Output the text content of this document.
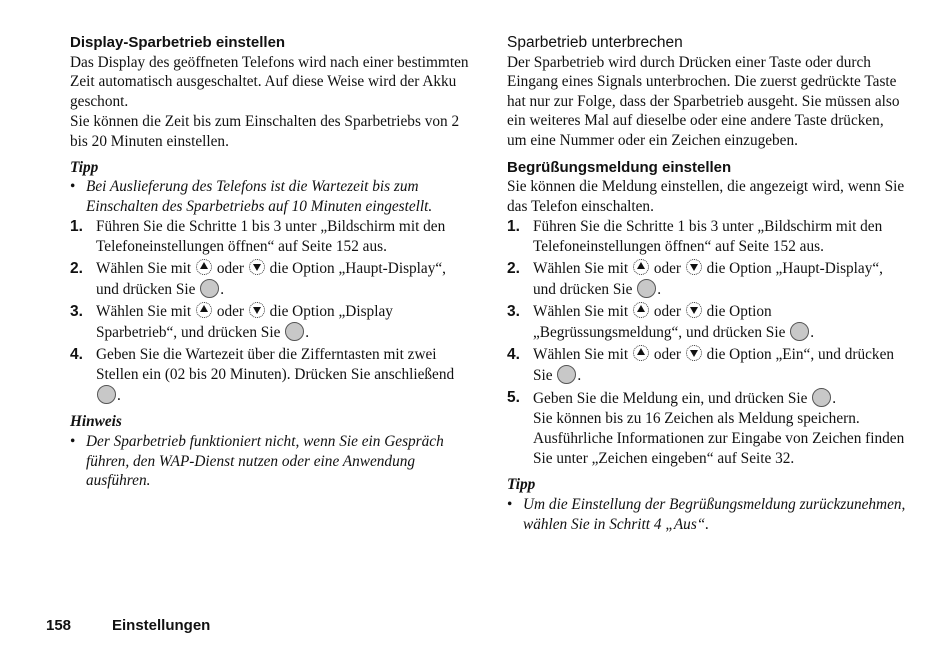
Display-Sparbetrieb einstellen

Das Display des geöffneten Telefons wird nach einer bestimmten Zeit automatisch ausgeschaltet. Auf diese Weise wird der Akku geschont.

Sie können die Zeit bis zum Einschalten des Sparbetriebs von 2 bis 20 Minuten einstellen.

Tipp

• Bei Auslieferung des Telefons ist die Wartezeit bis zum Einschalten des Sparbetriebs auf 10 Minuten eingestellt.

1. Führen Sie die Schritte 1 bis 3 unter „Bildschirm mit den Telefoneinstellungen öffnen“ auf Seite 152 aus.
2. Wählen Sie mit oder die Option „Haupt-Display“, und drücken Sie .
3. Wählen Sie mit oder die Option „Display Sparbetrieb“, und drücken Sie .
4. Geben Sie die Wartezeit über die Zifferntasten mit zwei Stellen ein (02 bis 20 Minuten). Drücken Sie anschließend .

Hinweis

• Der Sparbetrieb funktioniert nicht, wenn Sie ein Gespräch führen, den WAP-Dienst nutzen oder eine Anwendung ausführen.

Sparbetrieb unterbrechen

Der Sparbetrieb wird durch Drücken einer Taste oder durch Eingang eines Signals unterbrochen. Die zuerst gedrückte Taste hat nur zur Folge, dass der Sparbetrieb ausgeht. Sie müssen also ein weiteres Mal auf dieselbe oder eine andere Taste drücken, um eine Nummer oder ein Zeichen einzugeben.

Begrüßungsmeldung einstellen

Sie können die Meldung einstellen, die angezeigt wird, wenn Sie das Telefon einschalten.

1. Führen Sie die Schritte 1 bis 3 unter „Bildschirm mit den Telefoneinstellungen öffnen“ auf Seite 152 aus.
2. Wählen Sie mit oder die Option „Haupt-Display“, und drücken Sie .
3. Wählen Sie mit oder die Option „Begrüssungsmeldung“, und drücken Sie .
4. Wählen Sie mit oder die Option „Ein“, und drücken Sie .
5. Geben Sie die Meldung ein, und drücken Sie .
Sie können bis zu 16 Zeichen als Meldung speichern. Ausführliche Informationen zur Eingabe von Zeichen finden Sie unter „Zeichen eingeben“ auf Seite 32.

Tipp

• Um die Einstellung der Begrüßungsmeldung zurückzunehmen, wählen Sie in Schritt 4 „Aus“.

158	Einstellungen
